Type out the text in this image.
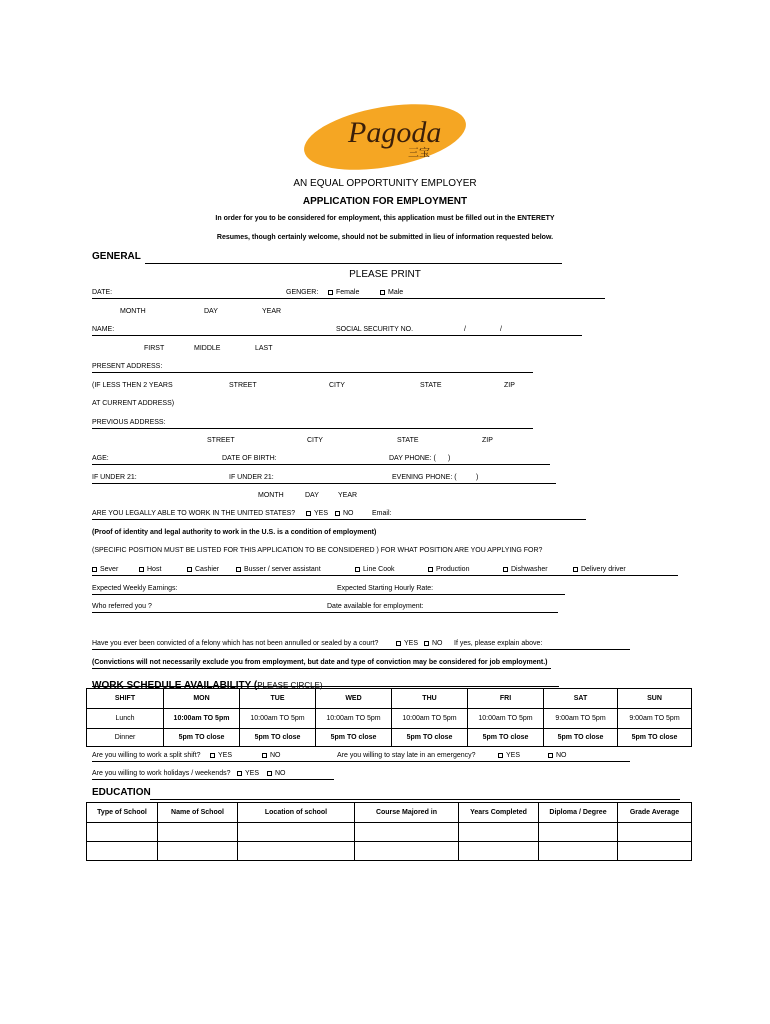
Pagoda
三宝
AN EQUAL OPPORTUNITY EMPLOYER
APPLICATION FOR EMPLOYMENT
In order for you to be considered for employment, this application must be filled out in the ENTERETY
Resumes, though certainly welcome, should not be submitted in lieu of information requested below.
GENERAL
PLEASE PRINT
DATE:	GENGER:	Female	Male
MONTH	DAY	YEAR
NAME:	SOCIAL SECURITY NO.	/	/
FIRST	MIDDLE	LAST
PRESENT ADDRESS:
(IF LESS THEN 2 YEARS	STREET	CITY	STATE	ZIP
AT CURRENT ADDRESS)
PREVIOUS ADDRESS:
STREET	CITY	STATE	ZIP
AGE:	DATE OF BIRTH:	DAY PHONE: ( )
IF UNDER 21:	IF UNDER 21:	EVENING PHONE: (	)
MONTH	DAY	YEAR
ARE YOU LEGALLY ABLE TO WORK IN THE UNITED STATES?	YES	NO	Email:
(Proof of identity and legal authority to work in the U.S. is a condition of employment)
(SPECIFIC POSITION MUST BE LISTED FOR THIS APPLICATION TO BE CONSIDERED ) FOR WHAT POSITION ARE YOU APPLYING FOR?
Sever	Host	Cashier	Busser / server assistant	Line Cook	Production	Dishwasher	Delivery driver
Expected Weekly Earnings:	Expected Starting Hourly Rate:
Who referred you ?	Date available for employment:
Have you ever been convicted of a felony which has not been annulled or sealed by a court?	YES	NO If yes, please explain above:
(Convictions will not necessarily exclude you from employment, but date and type of conviction may be considered for job employment.)
WORK SCHEDULE AVAILABILITY (PLEASE CIRCLE)
SHIFT	MON	TUE	WED	THU	FRI	SAT	SUN
Lunch	10:00am TO 5pm	10:00am TO 5pm	10:00am TO 5pm	10:00am TO 5pm	10:00am TO 5pm	9:00am TO 5pm	9:00am TO 5pm
Dinner	5pm TO close	5pm TO close	5pm TO close	5pm TO close	5pm TO close	5pm TO close	5pm TO close
Are you willing to work a split shift?	YES	NO	Are you willing to stay late in an emergency?	YES	NO
Are you willing to work holidays / weekends?	YES	NO
EDUCATION
Type of School	Name of School	Location of school	Course Majored in	Years Completed	Diploma / Degree	Grade Average
